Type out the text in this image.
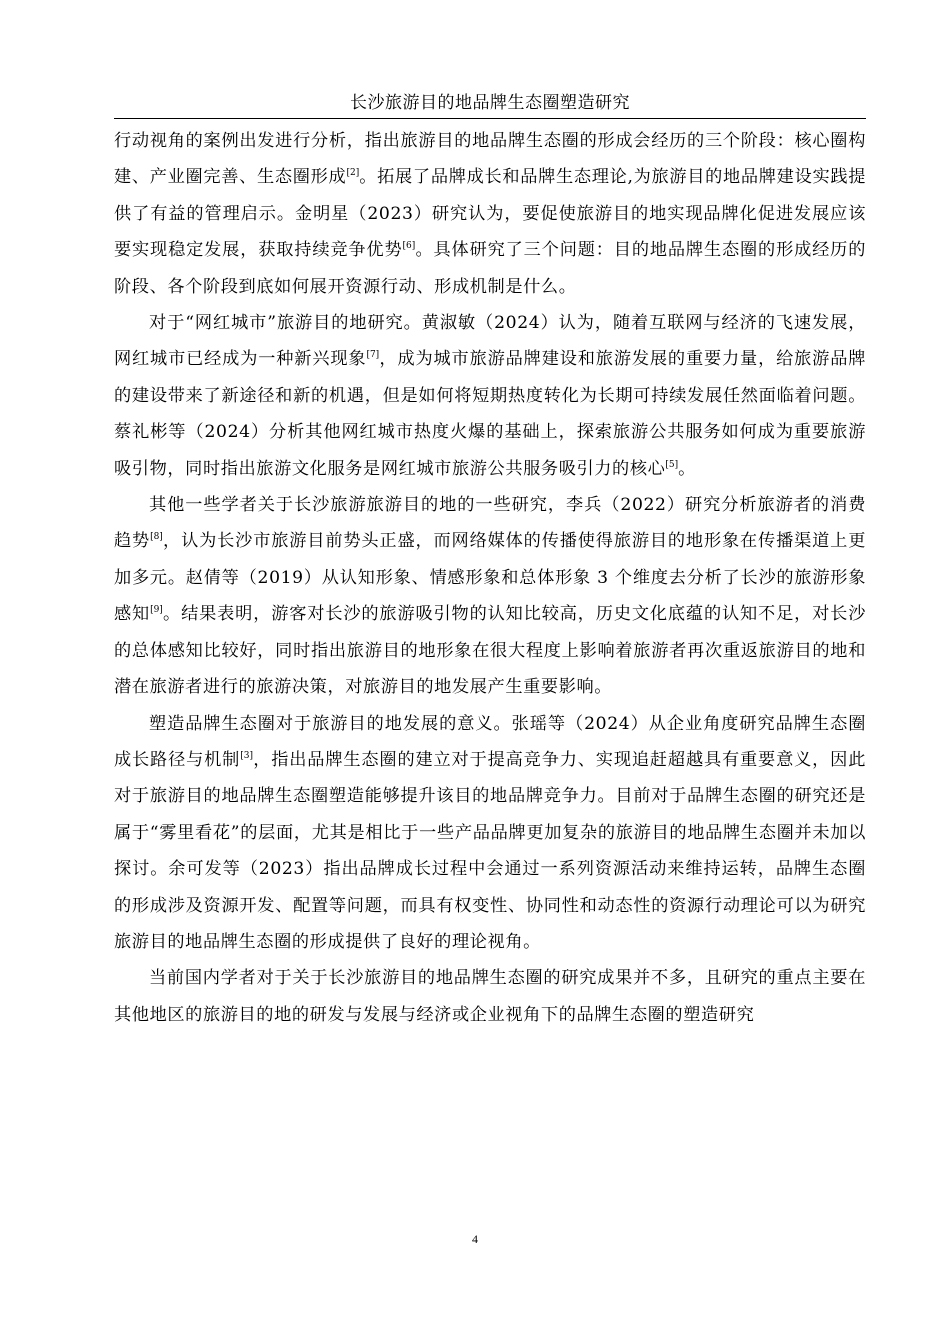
长沙旅游目的地品牌生态圈塑造研究

行动视角的案例出发进行分析，指出旅游目的地品牌生态圈的形成会经历的三个阶段：核心圈构建、产业圈完善、生态圈形成[2]。拓展了品牌成长和品牌生态理论,为旅游目的地品牌建设实践提供了有益的管理启示。金明星（2023）研究认为，要促使旅游目的地实现品牌化促进发展应该要实现稳定发展，获取持续竞争优势[6]。具体研究了三个问题：目的地品牌生态圈的形成经历的阶段、各个阶段到底如何展开资源行动、形成机制是什么。

对于“网红城市”旅游目的地研究。黄淑敏（2024）认为，随着互联网与经济的飞速发展，网红城市已经成为一种新兴现象[7]，成为城市旅游品牌建设和旅游发展的重要力量，给旅游品牌的建设带来了新途径和新的机遇，但是如何将短期热度转化为长期可持续发展任然面临着问题。蔡礼彬等（2024）分析其他网红城市热度火爆的基础上，探索旅游公共服务如何成为重要旅游吸引物，同时指出旅游文化服务是网红城市旅游公共服务吸引力的核心[5]。

其他一些学者关于长沙旅游旅游目的地的一些研究，李兵（2022）研究分析旅游者的消费趋势[8]，认为长沙市旅游目前势头正盛，而网络媒体的传播使得旅游目的地形象在传播渠道上更加多元。赵倩等（2019）从认知形象、情感形象和总体形象 3 个维度去分析了长沙的旅游形象感知[9]。结果表明，游客对长沙的旅游吸引物的认知比较高，历史文化底蕴的认知不足，对长沙的总体感知比较好，同时指出旅游目的地形象在很大程度上影响着旅游者再次重返旅游目的地和潜在旅游者进行的旅游决策，对旅游目的地发展产生重要影响。

塑造品牌生态圈对于旅游目的地发展的意义。张瑶等（2024）从企业角度研究品牌生态圈成长路径与机制[3]，指出品牌生态圈的建立对于提高竞争力、实现追赶超越具有重要意义，因此对于旅游目的地品牌生态圈塑造能够提升该目的地品牌竞争力。目前对于品牌生态圈的研究还是属于“雾里看花”的层面，尤其是相比于一些产品品牌更加复杂的旅游目的地品牌生态圈并未加以探讨。余可发等（2023）指出品牌成长过程中会通过一系列资源活动来维持运转，品牌生态圈的形成涉及资源开发、配置等问题，而具有权变性、协同性和动态性的资源行动理论可以为研究旅游目的地品牌生态圈的形成提供了良好的理论视角。

当前国内学者对于关于长沙旅游目的地品牌生态圈的研究成果并不多，且研究的重点主要在其他地区的旅游目的地的研发与发展与经济或企业视角下的品牌生态圈的塑造研究

4
